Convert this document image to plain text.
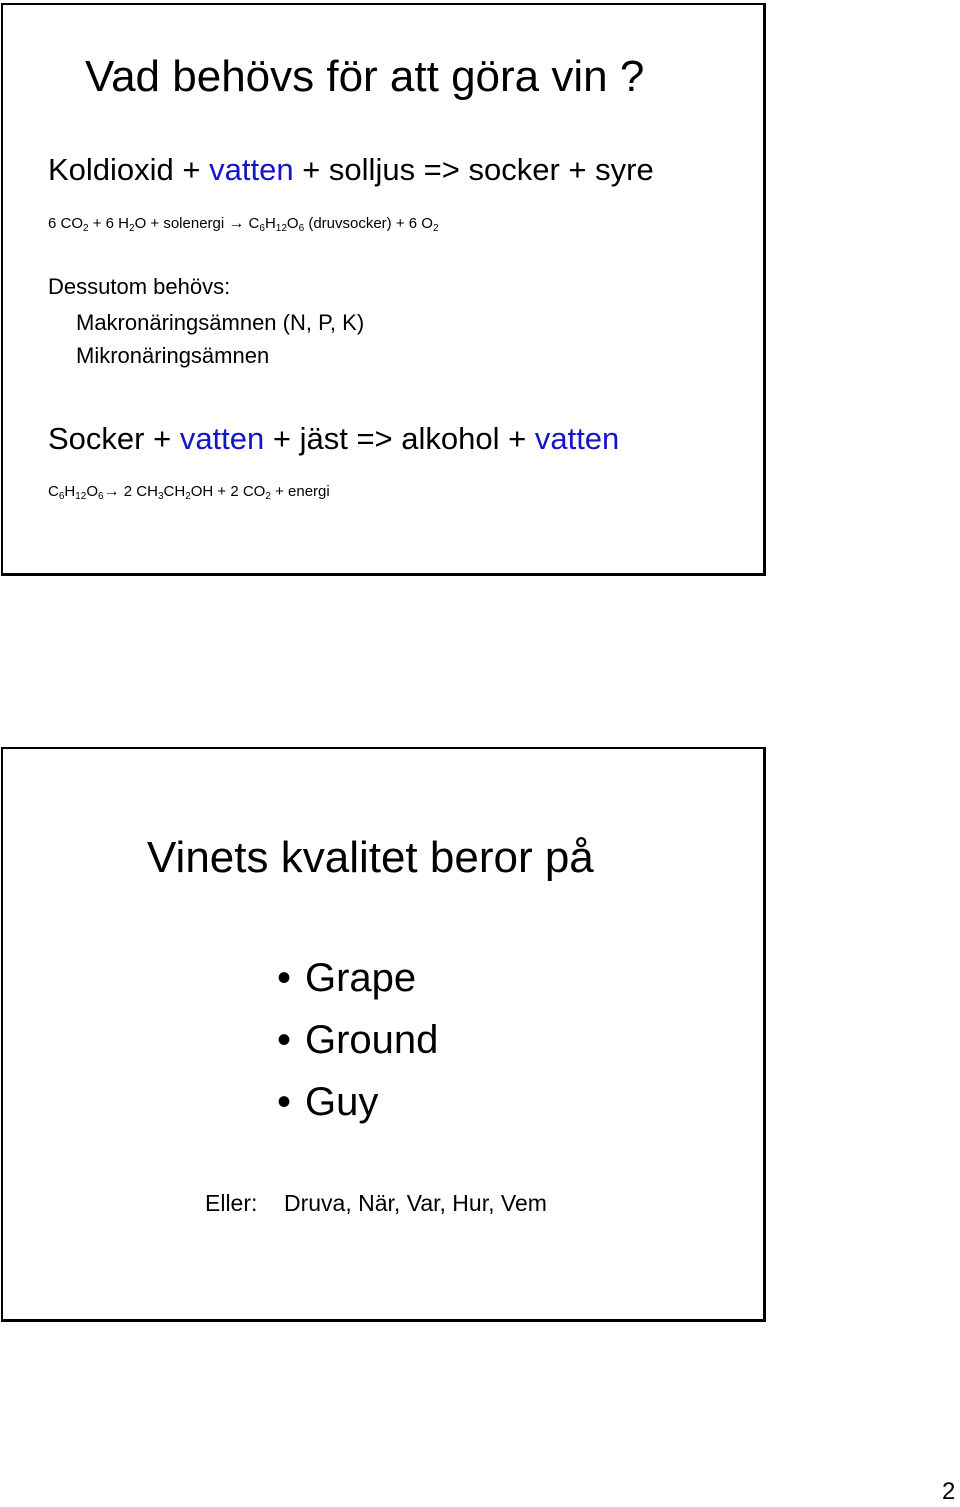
Vad behövs för att göra vin ?
Koldioxid + vatten + solljus => socker + syre
6 $CO_2 + 6$ $H_2O$ + solenergi → $C_6H_{12}O_6$ (druvsocker) + 6 $O_2$
Dessutom behövs:
Makronäringsämnen (N, P, K)
Mikronäringsämnen
Socker + vatten + jäst => alkohol + vatten
$C_6H_{12}O_6\to 2$ $CH_3CH_2OH + 2$ $CO_2$ + energi
Vinets kvalitet beror på
• Grape
• Ground
• Guy
Eller: Druva, När, Var, Hur, Vem
2
